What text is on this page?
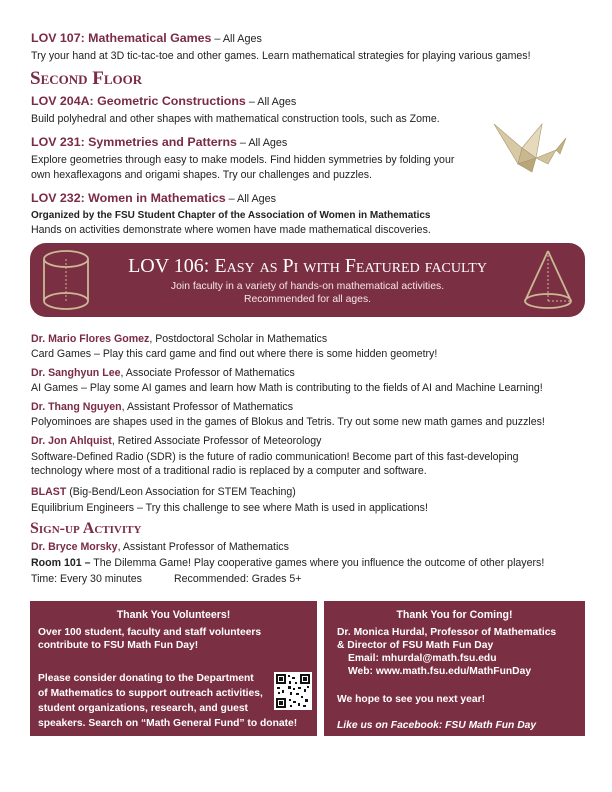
LOV 107: Mathematical Games – All Ages
Try your hand at 3D tic-tac-toe and other games. Learn mathematical strategies for playing various games!
Second Floor
LOV 204A: Geometric Constructions – All Ages
Build polyhedral and other shapes with mathematical construction tools, such as Zome.
LOV 231: Symmetries and Patterns – All Ages
Explore geometries through easy to make models. Find hidden symmetries by folding your
own hexaflexagons and origami shapes. Try our challenges and puzzles.
LOV 232: Women in Mathematics – All Ages
Organized by the FSU Student Chapter of the Association of Women in Mathematics
Hands on activities demonstrate where women have made mathematical discoveries.
LOV 106: Easy as Pi with Featured faculty
Join faculty in a variety of hands-on mathematical activities.
Recommended for all ages.
Dr. Mario Flores Gomez, Postdoctoral Scholar in Mathematics
Card Games – Play this card game and find out where there is some hidden geometry!
Dr. Sanghyun Lee, Associate Professor of Mathematics
AI Games – Play some AI games and learn how Math is contributing to the fields of AI and Machine Learning!
Dr. Thang Nguyen, Assistant Professor of Mathematics
Polyominoes are shapes used in the games of Blokus and Tetris. Try out some new math games and puzzles!
Dr. Jon Ahlquist, Retired Associate Professor of Meteorology
Software-Defined Radio (SDR) is the future of radio communication! Become part of this fast-developing
technology where most of a traditional radio is replaced by a computer and software.
BLAST (Big-Bend/Leon Association for STEM Teaching)
Equilibrium Engineers – Try this challenge to see where Math is used in applications!
Sign-up Activity
Dr. Bryce Morsky, Assistant Professor of Mathematics
Room 101 – The Dilemma Game! Play cooperative games where you influence the outcome of other players!
Time: Every 30 minutes	Recommended: Grades 5+
Thank You Volunteers!
Over 100 student, faculty and staff volunteers
contribute to FSU Math Fun Day!
Please consider donating to the Department
of Mathematics to support outreach activities,
student organizations, research, and guest
speakers. Search on “Math General Fund” to donate!
Thank You for Coming!
Dr. Monica Hurdal, Professor of Mathematics
& Director of FSU Math Fun Day
Email: mhurdal@math.fsu.edu
Web: www.math.fsu.edu/MathFunDay
We hope to see you next year!
Like us on Facebook: FSU Math Fun Day
